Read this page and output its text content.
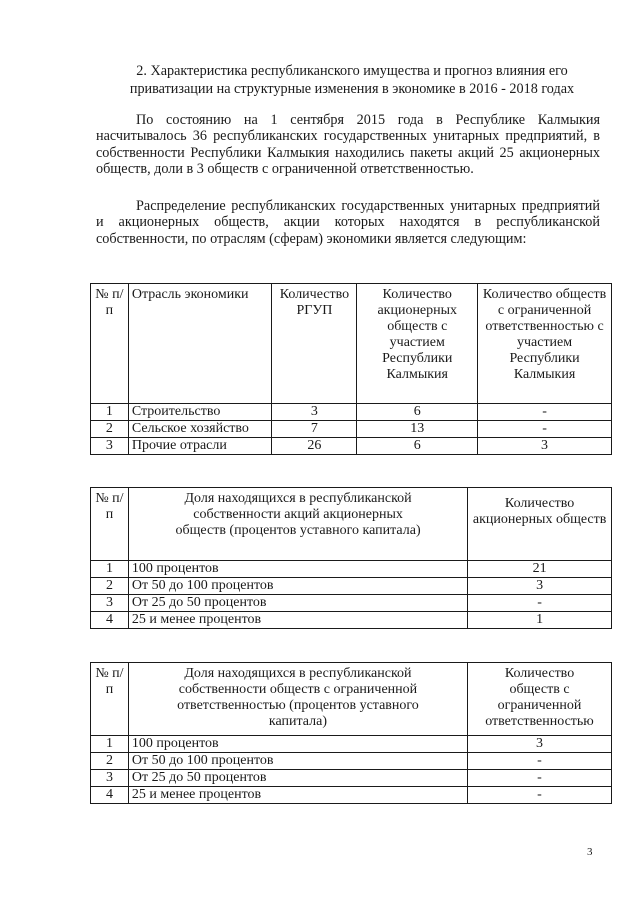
2. Характеристика республиканского имущества и прогноз влияния его приватизации на структурные изменения в экономике в 2016 - 2018 годах
По состоянию на 1 сентября 2015 года в Республике Калмыкия насчитывалось 36 республиканских государственных унитарных предприятий, в собственности Республики Калмыкия находились пакеты акций 25 акционерных обществ, доли в 3 обществ с ограниченной ответственностью.
Распределение республиканских государственных унитарных предприятий и акционерных обществ, акции которых находятся в республиканской собственности, по отраслям (сферам) экономики является следующим:
№ п/п	Отрасль экономики	Количество РГУП	Количество акционерных обществ с участием Республики Калмыкия	Количество обществ с ограниченной ответственностью с участием Республики Калмыкия
1	Строительство	3	6	-
2	Сельское хозяйство	7	13	-
3	Прочие отрасли	26	6	3
№ п/п	Доля находящихся в республиканской собственности акций акционерных обществ (процентов уставного капитала)	Количество акционерных обществ
1	100 процентов	21
2	От 50 до 100 процентов	3
3	От 25 до 50 процентов	-
4	25 и менее процентов	1
№ п/п	Доля находящихся в республиканской собственности обществ с ограниченной ответственностью (процентов уставного капитала)	Количество обществ с ограниченной ответственностью
1	100 процентов	3
2	От 50 до 100 процентов	-
3	От 25 до 50 процентов	-
4	25 и менее процентов	-
3
